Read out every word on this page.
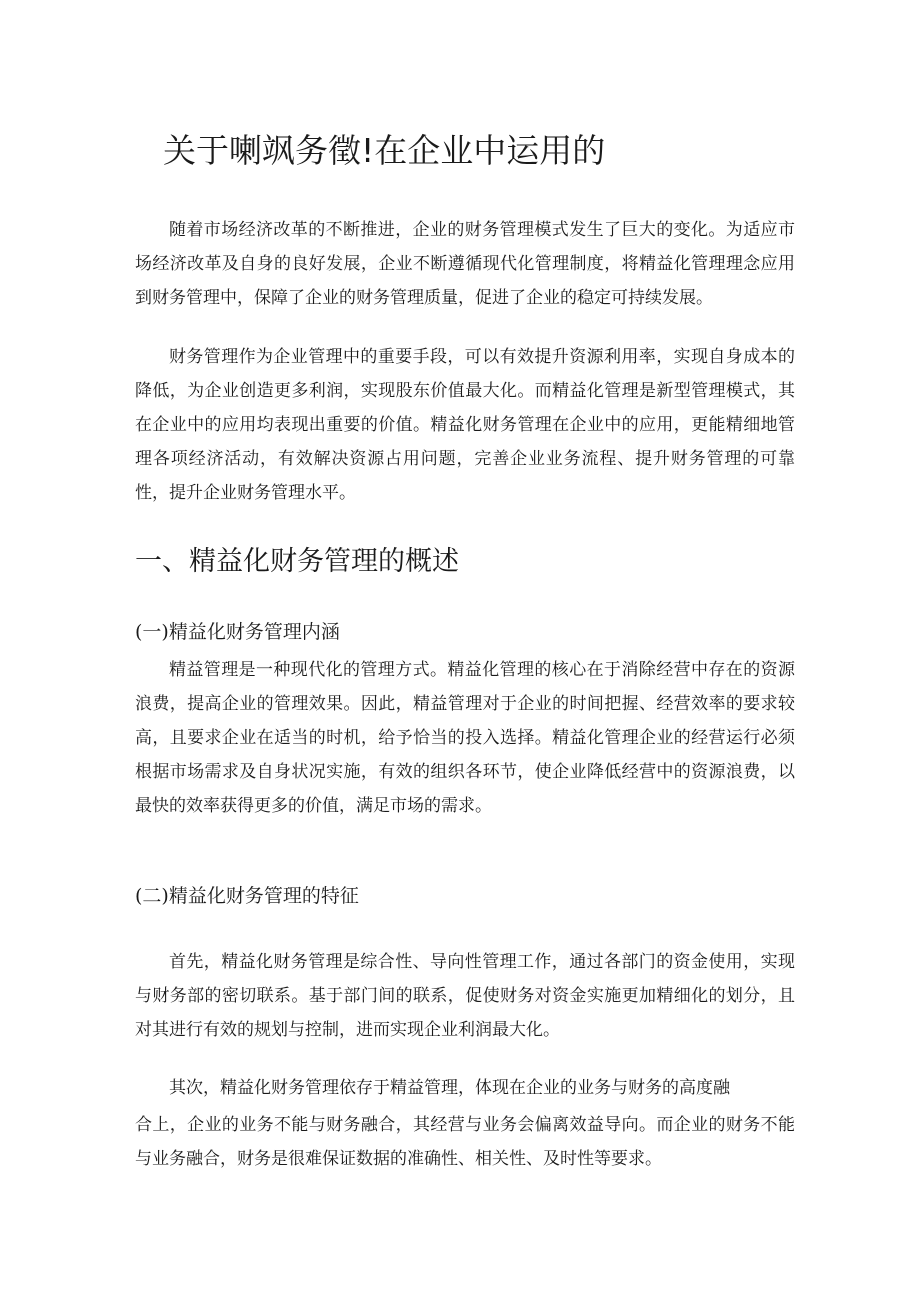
关于喇飒务徵!在企业中运用的

随着市场经济改革的不断推进，企业的财务管理模式发生了巨大的变化。为适应市场经济改革及自身的良好发展，企业不断遵循现代化管理制度，将精益化管理理念应用到财务管理中，保障了企业的财务管理质量，促进了企业的稳定可持续发展。

财务管理作为企业管理中的重要手段，可以有效提升资源利用率，实现自身成本的降低，为企业创造更多利润，实现股东价值最大化。而精益化管理是新型管理模式，其在企业中的应用均表现出重要的价值。精益化财务管理在企业中的应用，更能精细地管理各项经济活动，有效解决资源占用问题，完善企业业务流程、提升财务管理的可靠性，提升企业财务管理水平。

一、精益化财务管理的概述
(一)精益化财务管理内涵

精益管理是一种现代化的管理方式。精益化管理的核心在于消除经营中存在的资源浪费，提高企业的管理效果。因此，精益管理对于企业的时间把握、经营效率的要求较高，且要求企业在适当的时机，给予恰当的投入选择。精益化管理企业的经营运行必须根据市场需求及自身状况实施，有效的组织各环节，使企业降低经营中的资源浪费，以最快的效率获得更多的价值，满足市场的需求。

(二)精益化财务管理的特征

首先，精益化财务管理是综合性、导向性管理工作，通过各部门的资金使用，实现与财务部的密切联系。基于部门间的联系，促使财务对资金实施更加精细化的划分，且对其进行有效的规划与控制，进而实现企业利润最大化。

其次，精益化财务管理依存于精益管理，体现在企业的业务与财务的高度融

合上，企业的业务不能与财务融合，其经营与业务会偏离效益导向。而企业的财务不能与业务融合，财务是很难保证数据的准确性、相关性、及时性等要求。
